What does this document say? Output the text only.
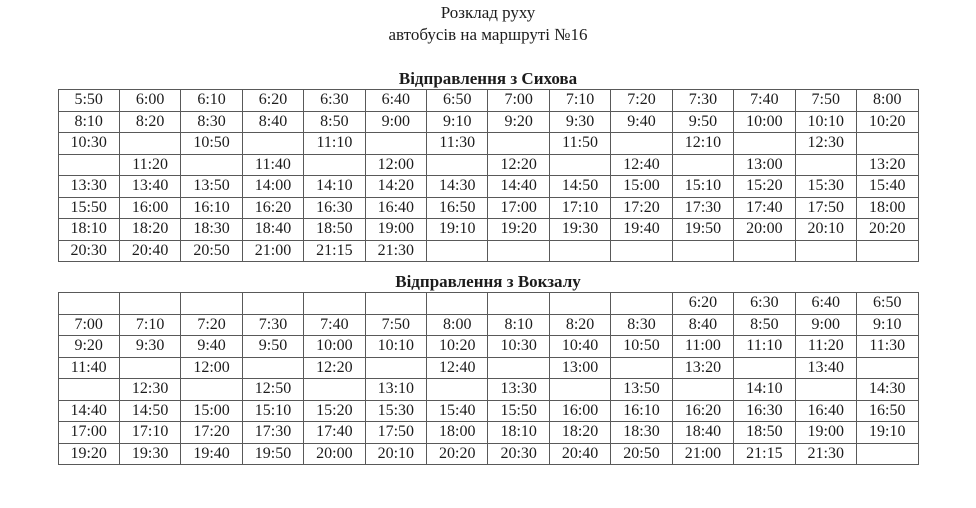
Розклад руху
автобусів на маршруті №16
Відправлення з Сихова
5:50	6:00	6:10	6:20	6:30	6:40	6:50	7:00	7:10	7:20	7:30	7:40	7:50	8:00
8:10	8:20	8:30	8:40	8:50	9:00	9:10	9:20	9:30	9:40	9:50	10:00	10:10	10:20
10:30		10:50		11:10		11:30		11:50		12:10		12:30	
	11:20		11:40		12:00		12:20		12:40		13:00		13:20
13:30	13:40	13:50	14:00	14:10	14:20	14:30	14:40	14:50	15:00	15:10	15:20	15:30	15:40
15:50	16:00	16:10	16:20	16:30	16:40	16:50	17:00	17:10	17:20	17:30	17:40	17:50	18:00
18:10	18:20	18:30	18:40	18:50	19:00	19:10	19:20	19:30	19:40	19:50	20:00	20:10	20:20
20:30	20:40	20:50	21:00	21:15	21:30								
Відправлення з Вокзалу
										6:20	6:30	6:40	6:50
7:00	7:10	7:20	7:30	7:40	7:50	8:00	8:10	8:20	8:30	8:40	8:50	9:00	9:10
9:20	9:30	9:40	9:50	10:00	10:10	10:20	10:30	10:40	10:50	11:00	11:10	11:20	11:30
11:40		12:00		12:20		12:40		13:00		13:20		13:40	
	12:30		12:50		13:10		13:30		13:50		14:10		14:30
14:40	14:50	15:00	15:10	15:20	15:30	15:40	15:50	16:00	16:10	16:20	16:30	16:40	16:50
17:00	17:10	17:20	17:30	17:40	17:50	18:00	18:10	18:20	18:30	18:40	18:50	19:00	19:10
19:20	19:30	19:40	19:50	20:00	20:10	20:20	20:30	20:40	20:50	21:00	21:15	21:30	
